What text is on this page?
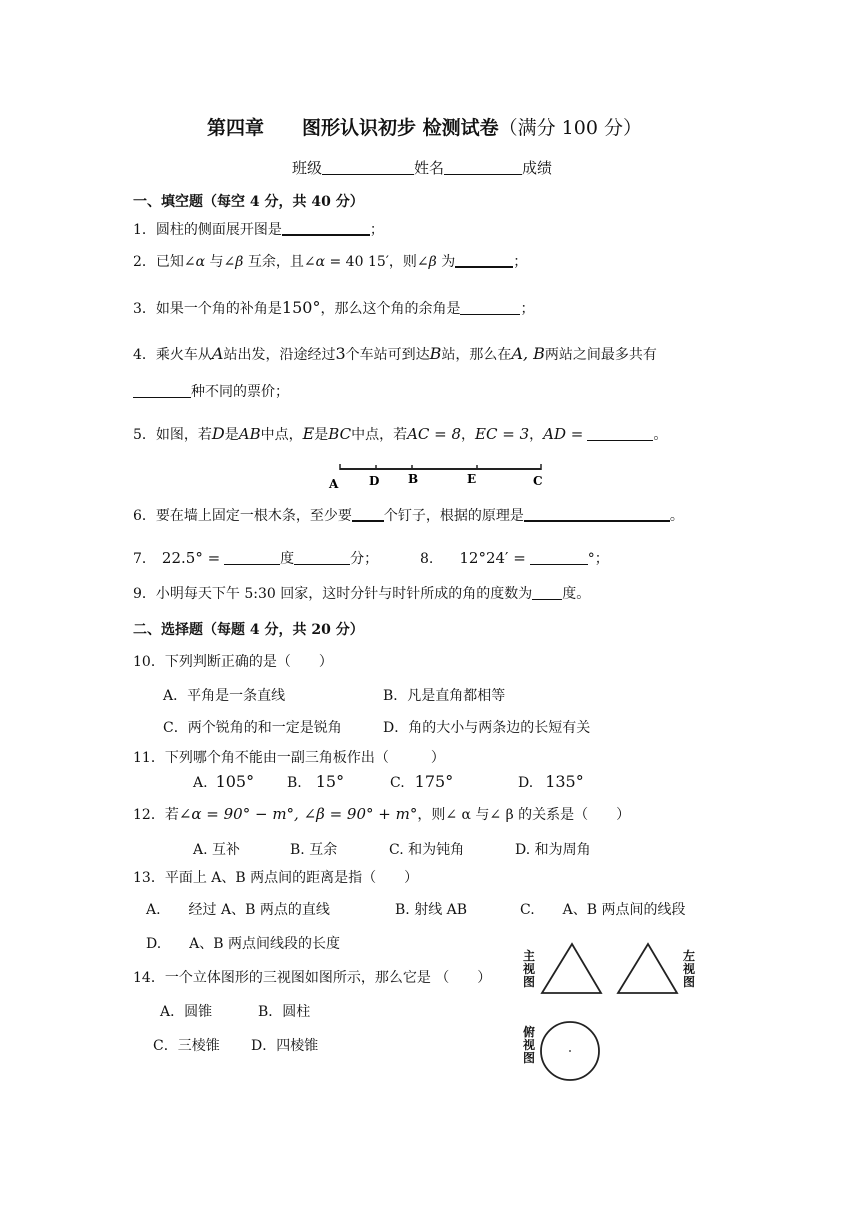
第四章　　图形认识初步 检测试卷（满分 100 分）
班级	姓名	成绩
一、填空题（每空 4 分，共 40 分）
1．圆柱的侧面展开图是	；
2．已知∠α 与∠β 互余，且∠α = 40 15′，则∠β 为	；
3．如果一个角的补角是150°，那么这个角的余角是	；
4．乘火车从A站出发，沿途经过3个车站可到达B站，那么在A, B两站之间最多共有
种不同的票价；
5．如图，若D是AB中点，E是BC中点，若AC = 8，EC = 3，AD =	。
A	D B	E	C
6．要在墙上固定一根木条，至少要 个钉子，根据的原理是	。
7． 22.5° =	度	分；	8. 12°24′ =	°；
9．小明每天下午 5:30 回家，这时分针与时针所成的角的度数为 度。
二、选择题（每题 4 分，共 20 分）
10．下列判断正确的是（　　）
A．平角是一条直线	B．凡是直角都相等
C．两个锐角的和一定是锐角	D．角的大小与两条边的长短有关
11．下列哪个角不能由一副三角板作出（　　　）
A. 105° B. 15°	C. 175°	D. 135°
12．若∠α = 90° − m°, ∠β = 90° + m°，则∠ α 与∠ β 的关系是（　　）
A. 互补	B. 互余	C. 和为钝角	D. 和为周角
13．平面上 A、B 两点间的距离是指（　　）
A.　　经过 A、B 两点的直线	B. 射线 AB	C.　　A、B 两点间的线段
D.　　A、B 两点间线段的长度
14．一个立体图形的三视图如图所示，那么它是 （　　）
A．圆锥	B．圆柱
C．三棱锥 D．四棱锥
主视图
左视图
俯视图
